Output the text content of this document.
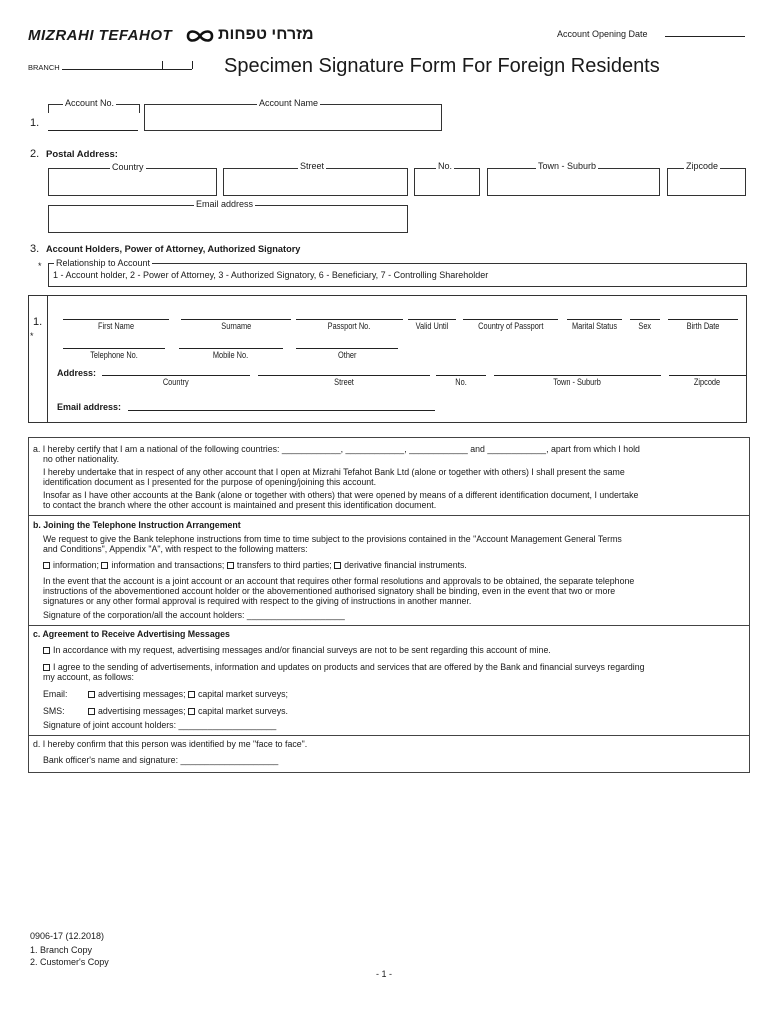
MIZRAHI TEFAHOT	מזרחי טפחות	Account Opening Date
BRANCH	Specimen Signature Form For Foreign Residents
1.
Account No.	Account Name
2. Postal Address:
Country	Street	No.	Town - Suburb	Zipcode
Email address
3. Account Holders, Power of Attorney, Authorized Signatory
* Relationship to Account
1 - Account holder, 2 - Power of Attorney, 3 - Authorized Signatory, 6 - Beneficiary, 7 - Controlling Shareholder
1.
*
First Name	Surname	Passport No.	Valid Until	Country of Passport	Marital Status	Sex	Birth Date
Telephone No.	Mobile No.	Other
Address:
Country	Street	No.	Town - Suburb	Zipcode
Email address:
a. I hereby certify that I am a national of the following countries: ____________, ____________, ____________ and ____________, apart from which I hold
no other nationality.
I hereby undertake that in respect of any other account that I open at Mizrahi Tefahot Bank Ltd (alone or together with others) I shall present the same
identification document as I presented for the purpose of opening/joining this account.
Insofar as I have other accounts at the Bank (alone or together with others) that were opened by means of a different identification document, I undertake
to contact the branch where the other account is maintained and present this identification document.
b. Joining the Telephone Instruction Arrangement
We request to give the Bank telephone instructions from time to time subject to the provisions contained in the "Account Management General Terms
and Conditions", Appendix "A", with respect to the following matters:
information; information and transactions; transfers to third parties; derivative financial instruments.
In the event that the account is a joint account or an account that requires other formal resolutions and approvals to be obtained, the separate telephone
instructions of the abovementioned account holder or the abovementioned authorised signatory shall be binding, even in the event that two or more
signatures or any other formal approval is required with respect to the giving of instructions in another manner.
Signature of the corporation/all the account holders: ____________________
c. Agreement to Receive Advertising Messages
In accordance with my request, advertising messages and/or financial surveys are not to be sent regarding this account of mine.
I agree to the sending of advertisements, information and updates on products and services that are offered by the Bank and financial surveys regarding
my account, as follows:
Email:	advertising messages; capital market surveys;
SMS:	advertising messages; capital market surveys.
Signature of joint account holders: ____________________
d. I hereby confirm that this person was identified by me "face to face".
Bank officer's name and signature: ____________________
0906-17 (12.2018)
1. Branch Copy
2. Customer's Copy
- 1 -
